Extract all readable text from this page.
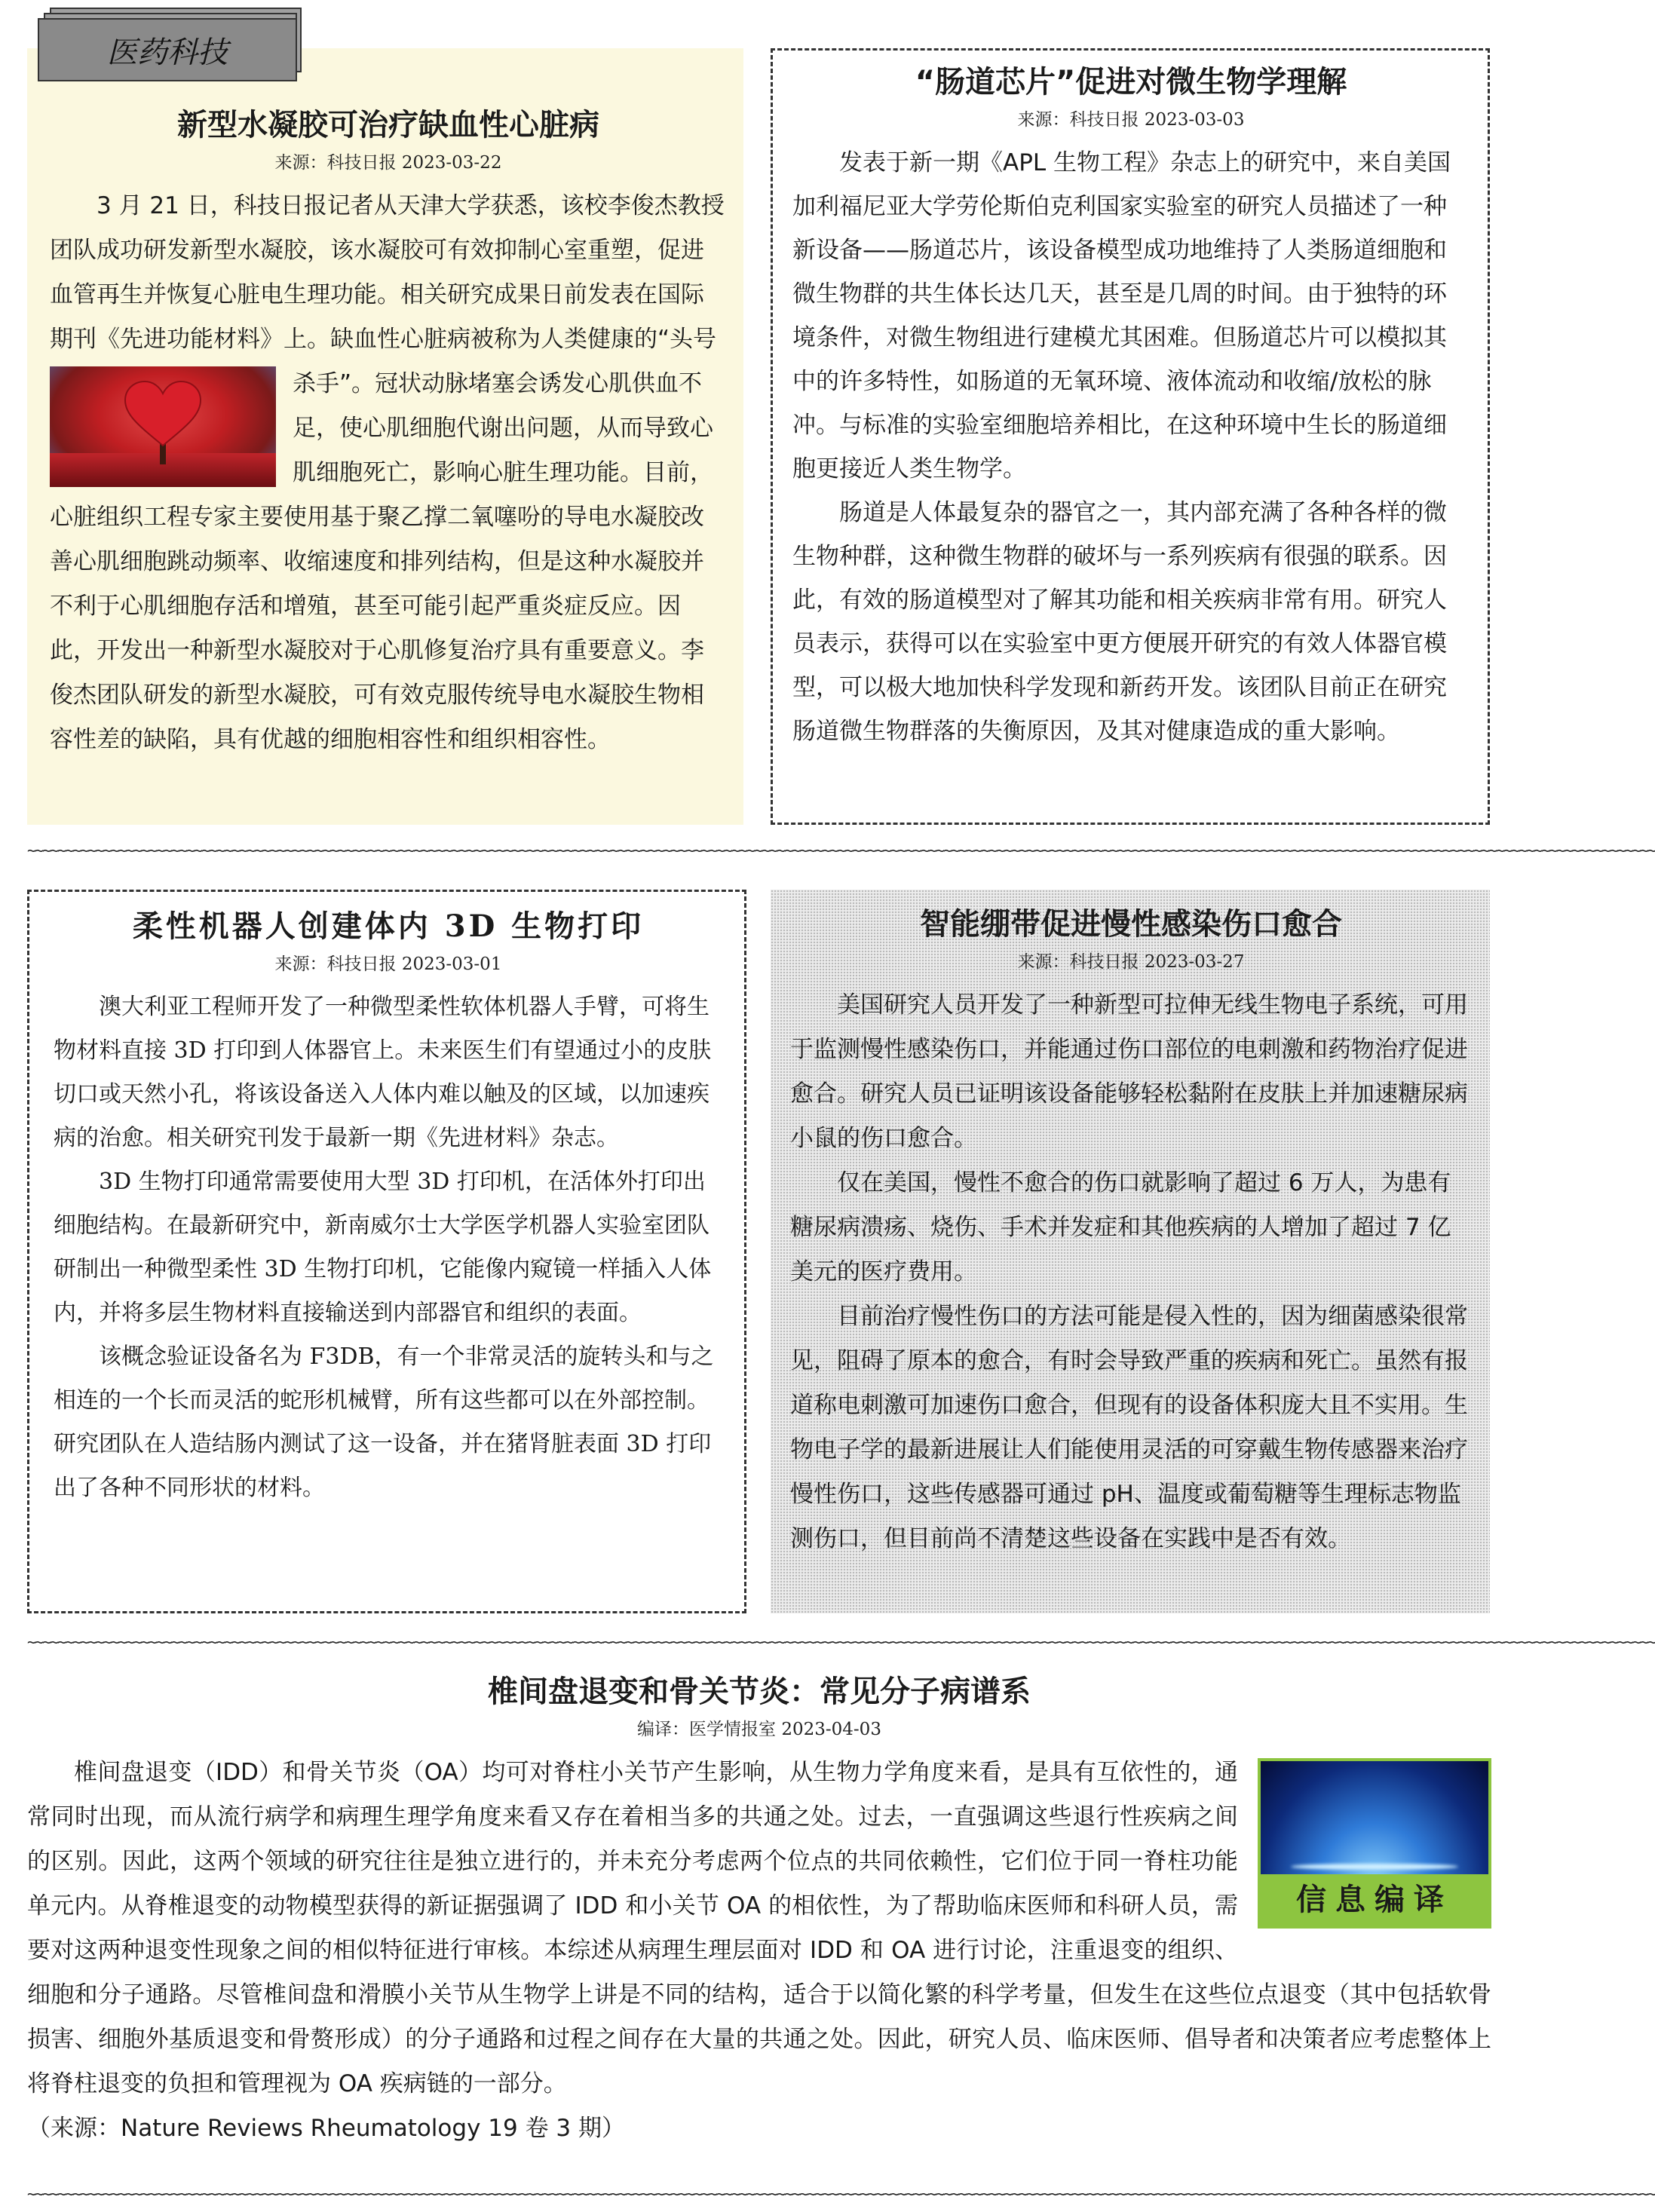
新型水凝胶可治疗缺血性心脏病
来源：科技日报 2023-03-22

3 月 21 日，科技日报记者从天津大学获悉，该校李俊杰教授团队成功研发新型水凝胶，该水凝胶可有效抑制心室重塑，促进血管再生并恢复心脏电生理功能。相关研究成果日前发表在国际期刊《先进功能材料》上。缺血性心脏病被称为人类健康的“头号杀手”。冠状动脉堵塞会诱发心肌供血不
足，使心肌细胞代谢出问题，从而导致心肌细胞死亡，影响心脏生理功能。目前，心脏组织工程专家主要使用基于聚乙撑二氧噻吩的导电水凝胶改善心肌细胞跳动频率、收缩速度和排列结构，但是这种水凝胶并不利于心肌细胞存活和增殖，甚至可能引起严重炎症反应。因此，开发出一种新型水凝胶对于心肌修复治疗具有重要意义。李俊杰团队研发的新型水凝胶，可有效克服传统导电水凝胶生物相容性差的缺陷，具有优越的细胞相容性和组织相容性。

医药科技
“肠道芯片”促进对微生物学理解
来源：科技日报 2023-03-03

发表于新一期《APL 生物工程》杂志上的研究中，来自美国加利福尼亚大学劳伦斯伯克利国家实验室的研究人员描述了一种新设备——肠道芯片，该设备模型成功地维持了人类肠道细胞和微生物群的共生体长达几天，甚至是几周的时间。由于独特的环境条件，对微生物组进行建模尤其困难。但肠道芯片可以模拟其中的许多特性，如肠道的无氧环境、液体流动和收缩/放松的脉冲。与标准的实验室细胞培养相比，在这种环境中生长的肠道细胞更接近人类生物学。

肠道是人体最复杂的器官之一，其内部充满了各种各样的微生物种群，这种微生物群的破坏与一系列疾病有很强的联系。因此，有效的肠道模型对了解其功能和相关疾病非常有用。研究人员表示，获得可以在实验室中更方便展开研究的有效人体器官模型，可以极大地加快科学发现和新药开发。该团队目前正在研究肠道微生物群落的失衡原因，及其对健康造成的重大影响。

~~~~~~~~~~~~~~~~~~~~~~~~~~~~~~~~~~~~~~~~~~~~~~~~~~~~~~~~~~~~~~~~~~~~~~~~~~~~~~~~~~~~~~~~~~~~~~~~~~~~~~~~~~~~~~~~~~~~~~~~~~~~~~~~~~~~~~~~~~~~~~~~~~~~~~~~~~~~~~~~~~~~~~~~~~~~~~~~~~~~~~~~~~~~~~~~~~~~~~~~~~~~~~~~~~~~~~~
柔性机器人创建体内 3D 生物打印
来源：科技日报 2023-03-01

澳大利亚工程师开发了一种微型柔性软体机器人手臂，可将生物材料直接 3D 打印到人体器官上。未来医生们有望通过小的皮肤切口或天然小孔，将该设备送入人体内难以触及的区域，以加速疾病的治愈。相关研究刊发于最新一期《先进材料》杂志。

3D 生物打印通常需要使用大型 3D 打印机，在活体外打印出细胞结构。在最新研究中，新南威尔士大学医学机器人实验室团队研制出一种微型柔性 3D 生物打印机，它能像内窥镜一样插入人体内，并将多层生物材料直接输送到内部器官和组织的表面。

该概念验证设备名为 F3DB，有一个非常灵活的旋转头和与之相连的一个长而灵活的蛇形机械臂，所有这些都可以在外部控制。研究团队在人造结肠内测试了这一设备，并在猪肾脏表面 3D 打印出了各种不同形状的材料。

智能绷带促进慢性感染伤口愈合
来源：科技日报 2023-03-27

美国研究人员开发了一种新型可拉伸无线生物电子系统，可用于监测慢性感染伤口，并能通过伤口部位的电刺激和药物治疗促进愈合。研究人员已证明该设备能够轻松黏附在皮肤上并加速糖尿病小鼠的伤口愈合。

仅在美国，慢性不愈合的伤口就影响了超过 6 万人，为患有糖尿病溃疡、烧伤、手术并发症和其他疾病的人增加了超过 7 亿美元的医疗费用。

目前治疗慢性伤口的方法可能是侵入性的，因为细菌感染很常见，阻碍了原本的愈合，有时会导致严重的疾病和死亡。虽然有报道称电刺激可加速伤口愈合，但现有的设备体积庞大且不实用。生物电子学的最新进展让人们能使用灵活的可穿戴生物传感器来治疗慢性伤口，这些传感器可通过 pH、温度或葡萄糖等生理标志物监测伤口，但目前尚不清楚这些设备在实践中是否有效。

~~~~~~~~~~~~~~~~~~~~~~~~~~~~~~~~~~~~~~~~~~~~~~~~~~~~~~~~~~~~~~~~~~~~~~~~~~~~~~~~~~~~~~~~~~~~~~~~~~~~~~~~~~~~~~~~~~~~~~~~~~~~~~~~~~~~~~~~~~~~~~~~~~~~~~~~~~~~~~~~~~~~~~~~~~~~~~~~~~~~~~~~~~~~~~~~~~~~~~~~~~~~~~~~~~~~~~~
椎间盘退变和骨关节炎：常见分子病谱系
编译：医学情报室 2023-04-03
信息编译

椎间盘退变（IDD）和骨关节炎（OA）均可对脊柱小关节产生影响，从生物力学角度来看，是具有互依性的，通常同时出现，而从流行病学和病理生理学角度来看又存在着相当多的共通之处。过去，一直强调这些退行性疾病之间的区别。因此，这两个领域的研究往往是独立进行的，并未充分考虑两个位点的共同依赖性，它们位于同一脊柱功能单元内。从脊椎退变的动物模型获得的新证据强调了 IDD 和小关节 OA 的相依性，为了帮助临床医师和科研人员，需要对这两种退变性现象之间的相似特征进行审核。本综述从病理生理层面对 IDD 和 OA 进行讨论，注重退变的组织、细胞和分子通路。尽管椎间盘和滑膜小关节从生物学上讲是不同的结构，适合于以简化繁的科学考量，但发生在这些位点退变（其中包括软骨损害、细胞外基质退变和骨赘形成）的分子通路和过程之间存在大量的共通之处。因此，研究人员、临床医师、倡导者和决策者应考虑整体上将脊柱退变的负担和管理视为 OA 疾病链的一部分。

（来源：Nature Reviews Rheumatology 19 卷 3 期）

~~~~~~~~~~~~~~~~~~~~~~~~~~~~~~~~~~~~~~~~~~~~~~~~~~~~~~~~~~~~~~~~~~~~~~~~~~~~~~~~~~~~~~~~~~~~~~~~~~~~~~~~~~~~~~~~~~~~~~~~~~~~~~~~~~~~~~~~~~~~~~~~~~~~~~~~~~~~~~~~~~~~~~~~~~~~~~~~~~~~~~~~~~~~~~~~~~~~~~~~~~~~~~~~~~~~~~~
